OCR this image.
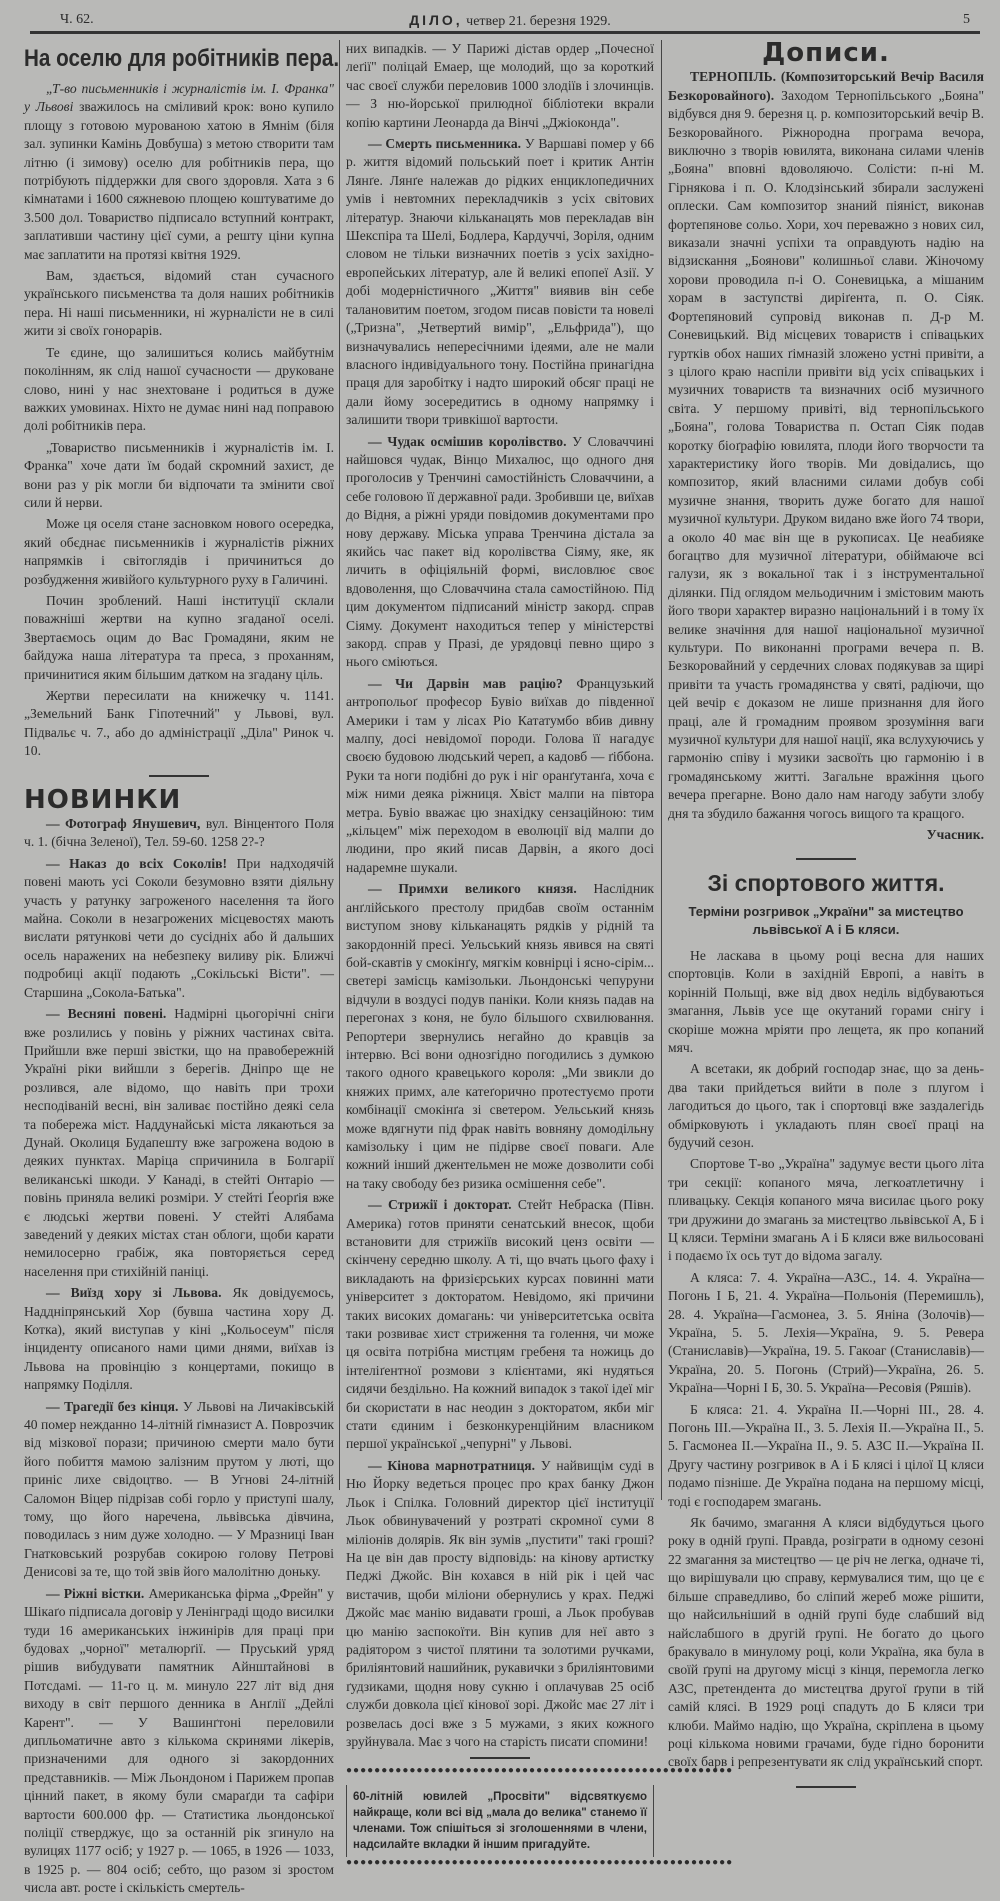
Ч. 62.	ДІЛО, четвер 21. березня 1929.	5
На оселю для робітників пера.

„Т-во письменників і журналістів ім. І. Франка" у Львові зважилось на сміливий крок: воно купило площу з готовою мурованою хатою в Ямнім (біля зал. зупинки Камінь Довбуша) з метою створити там літню (і зимову) оселю для робітників пера, що потрібують піддержки для свого здоровля. Хата з 6 кімнатами і 1600 сяжневою площею коштуватиме до 3.500 дол. Товариство підписало вступний контракт, заплативши частину цієї суми, а решту ціни купна має заплатити на протязі квітня 1929.

Вам, здається, відомий стан сучасного українського письменства та доля наших робітників пера. Ні наші письменники, ні журналісти не в силі жити зі своїх гонорарів.

Те єдине, що залишиться колись майбутнім поколінням, як слід нашої сучасности — друковане слово, нині у нас знехтоване і родиться в дуже важких умовинах. Ніхто не думає нині над поправою долі робітників пера.

„Товариство письменників і журналістів ім. І. Франка" хоче дати їм бодай скромний захист, де вони раз у рік могли би відпочати та змінити свої сили й нерви.

Може ця оселя стане засновком нового осередка, який обєднає письменників і журналістів ріжних напрямків і світоглядів і причиниться до розбудження живійого культурного руху в Галичині.

Почин зроблений. Наші інституції склали поважніші жертви на купно згаданої оселі. Звертаємось оцим до Вас Громадяни, яким не байдужа наша література та преса, з проханням, причинитися яким більшим датком на згадану ціль.

Жертви пересилати на книжечку ч. 1141. „Земельний Банк Гіпотечний" у Львові, вул. Підвальє ч. 7., або до адміністрації „Діла" Ринок ч. 10.

НОВИНКИ

— Фотограф Янушевич, вул. Вінцентого Поля ч. 1. (бічна Зеленої), Тел. 59-60. 1258 2?-?

— Наказ до всіх Соколів! При надходячій повені мають усі Соколи безумовно взяти діяльну участь у ратунку загроженого населення та його майна. Соколи в незагрожених місцевостях мають вислати рятункові чети до сусідніх або й дальших осель наражених на небезпеку виливу рік. Ближчі подробиці акції подають „Сокільські Вісти". — Старшина „Сокола-Батька".

— Весняні повені. Надмірні цьогорічні сніги вже розлились у повінь у ріжних частинах світа. Прийшли вже перші звістки, що на правобережній Україні ріки вийшли з берегів. Дніпро ще не розлився, але відомо, що навіть при трохи несподіваній весні, він заливає постійно деякі села та побережа міст. Наддунайські міста лякаються за Дунай. Околиця Будапешту вже загрожена водою в деяких пунктах. Маріца спричинила в Болгарії великанські шкоди. У Канаді, в стейті Онтаріо — повінь приняла великі розміри. У стейті Ґеорґія вже є людські жертви повені. У стейті Алябама заведений у деяких містах стан облоги, щоби карати немилосерно грабіж, яка повторяється серед населення при стихійній паніці.

— Виїзд хору зі Львова. Як довідуємось, Наддніпрянський Хор (бувша частина хору Д. Котка), який виступав у кіні „Кольосеум" після інциденту описаного нами цими днями, виїхав із Львова на провінцію з концертами, покищо в напрямку Поділля.

— Трагедії без кінця. У Львові на Личаківській 40 помер нежданно 14-літній ґімназист А. Поврозчик від мізкової порази; причиною смерти мало бути його побиття мамою залізним прутом у люті, що приніс лихе свідоцтво. — В Угнові 24-літній Саломон Віцер підрізав собі горло у приступі шалу, тому, що його наречена, львівська дівчина, поводилась з ним дуже холодно. — У Мразниці Іван Гнатковський розрубав сокирою голову Петрові Денисові за те, що той звів його малолітню доньку.

— Ріжні вістки. Американська фірма „Фрейн" у Шікаґо підписала договір у Ленінграді щодо висилки туди 16 американських інжинірів для праці при будовах „чорної" металюрґії. — Пруський уряд рішив вибудувати памятник Айнштайнові в Потсдамі. — 11-го ц. м. минуло 227 літ від дня виходу в світ першого денника в Анґлії „Дейлі Карент". — У Вашинґтоні переловили дипльоматичне авто з кількома скринями лікерів, призначеними для одного зі закордонних представників. — Між Льондоном і Парижем пропав цінний пакет, в якому були смараґди та сафіри вартости 600.000 фр. — Статистика льондонської поліції стверджує, що за останній рік згинуло на вулицях 1177 осіб; у 1927 р. — 1065, в 1926 — 1033, в 1925 р. — 804 осіб; себто, що разом зі зростом числа авт. росте і скількість смертель-

них випадків. — У Парижі дістав ордер „Почесної леґії" поліцай Емаер, ще молодий, що за короткий час своєї служби переловив 1000 злодіїв і злочинців. — З ню-йорської прилюдної бібліотеки вкрали копію картини Леонарда да Вінчі „Джіоконда".

— Смерть письменника. У Варшаві помер у 66 р. життя відомий польський поет і критик Антін Лянґе. Лянґе належав до рідких енциклопедичних умів і невтомних перекладчиків з усіх світових літератур. Знаючи кільканацять мов перекладав він Шекспіра та Шелі, Бодлера, Кардуччі, Зоріля, одним словом не тільки визначних поетів з усіх західно-европейських літератур, але й великі епопеї Азії. У добі модерністичного „Життя" виявив він себе талановитим поетом, згодом писав повісти та новелі („Тризна", „Четвертий вимір", „Ельфрида"), що визначувались непересічними ідеями, але не мали власного індивідуального тону. Постійна принагідна праця для заробітку і надто широкий обсяг праці не дали йому зосередитись в одному напрямку і залишити твори тривкішої вартости.

— Чудак осмішив королівство. У Словаччині найшовся чудак, Вінцо Михалюс, що одного дня проголосив у Тренчині самостійність Словаччини, а себе головою її державної ради. Зробивши це, виїхав до Відня, а ріжні уряди повідомив документами про нову державу. Міська управа Тренчина дістала за якийсь час пакет від королівства Сіяму, яке, як личить в офіціяльній формі, висловлює своє вдоволення, що Словаччина стала самостійною. Під цим документом підписаний міністр закорд. справ Сіяму. Документ находиться тепер у міністерстві закорд. справ у Празі, де урядовці певно щиро з нього сміються.

— Чи Дарвін мав рацію? Французький антропольоґ професор Бувіо виїхав до південної Америки і там у лісах Ріо Кататумбо вбив дивну малпу, досі невідомої породи. Голова її нагадує своєю будовою людський череп, а кадовб — ґіббона. Руки та ноги подібні до рук і ніг оранґутанґа, хоча є між ними деяка ріжниця. Хвіст малпи на півтора метра. Бувіо вважає цю знахідку сензаційною: тим „кільцем" між переходом в еволюції від малпи до людини, про який писав Дарвін, а якого досі надаремне шукали.

— Примхи великого князя. Наслідник анґлійського престолу придбав своїм останнім виступом знову кільканацять рядків у рідній та закордонній пресі. Уельський князь явився на святі бой-скавтів у смокінґу, мягкім ковнірці і ясно-сірім... светері замісць камізольки. Льондонські чепуруни відчули в воздусі подув паніки. Коли князь падав на перегонах з коня, не було більшого схвилювання. Репортери звернулись негайно до кравців за інтервю. Всі вони однозгідно погодились з думкою такого одного кравецького короля: „Ми звикли до княжих примх, але катеґорично протестуємо проти комбінації смокінґа зі светером. Уельський князь може вдягнути під фрак навіть вовняну домодільну камізольку і цим не підірве своєї поваги. Але кожний інший джентельмен не може дозволити собі на таку свободу без ризика осмішення себе".

— Стрижії і докторат. Стейт Небраска (Півн. Америка) готов приняти сенатський внесок, щоби встановити для стрижіїв високий ценз освіти — скінчену середню школу. А ті, що вчать цього фаху і викладають на фризієрських курсах повинні мати університет з докторатом. Невідомо, які причини таких високих домагань: чи університетська освіта таки розвиває хист стриження та голення, чи може ця освіта потрібна мистцям гребеня та ножиць до інтеліґентної розмови з клієнтами, які нудяться сидячи бездільно. На кожний випадок з такої ідеї міг би скористати в нас неодин з докторатом, якби міг стати єдиним і безконкуренційним власником першої української „чепурні" у Львові.

— Кінова марнотратниця. У найвищім суді в Ню Йорку ведеться процес про крах банку Джон Льок і Спілка. Головний директор цієї інституції Льок обвинувачений у розтраті скромної суми 8 міліонів долярів. Як він зумів „пустити" такі гроші? На це він дав просту відповідь: на кінову артистку Педжі Джойс. Він кохався в ній рік і цей час вистачив, щоби міліони обернулись у крах. Педжі Джойс має манію видавати гроші, а Льок пробував цю манію заспокоїти. Він купив для неї авто з радіятором з чистої плятини та золотими ручками, бриліянтовий нашийник, рукавички з бриліянтовими ґудзиками, щодня нову сукню і оплачував 25 осіб служби довкола цієї кінової зорі. Джойс має 27 літ і розвелась досі вже з 5 мужами, з яких кожного зруйнувала. Має з чого на старість писати спомини!

●●●●●●●●●●●●●●●●●●●●●●●●●●●●●●●●●●●●●●●●●●●●●●●●●●●●●●●
60-літній ювилей „Просвіти" відсвяткуємо найкраще, коли всі від „мала до велика" станемо її членами. Тож спішіться зі зголошеннями в члени, надсилайте вкладки й іншим пригадуйте.
●●●●●●●●●●●●●●●●●●●●●●●●●●●●●●●●●●●●●●●●●●●●●●●●●●●●●●●
Дописи.

ТЕРНОПІЛЬ. (Композиторський Вечір Василя Безкоровайного). Заходом Тернопільського „Бояна" відбувся дня 9. березня ц. р. композиторський вечір В. Безкоровайного. Ріжнородна програма вечора, виключно з творів ювилята, виконана силами членів „Бояна" вповні вдоволяючо. Солісти: п-ні М. Гірнякова і п. О. Клодзінський збирали заслужені оплески. Сам композитор знаний піяніст, виконав фортепянове сольо. Хори, хоч переважно з нових сил, виказали значні успіхи та оправдують надію на відзискання „Боянови" колишньої слави. Жіночому хорови проводила п-і О. Соневицька, а мішаним хорам в заступстві диріґента, п. О. Сіяк. Фортепяновий супровід виконав п. Д-р М. Соневицький. Від місцевих товариств і співацьких гуртків обох наших ґімназій зложено устні привіти, а з цілого краю наспіли привіти від усіх співацьких і музичних товариств та визначних осіб музичного світа. У першому привіті, від тернопільського „Бояна", голова Товариства п. Остап Сіяк подав коротку біоґрафію ювилята, плоди його творчости та характеристику його творів. Ми довідались, що композитор, який власними силами добув собі музичне знання, творить дуже богато для нашої музичної культури. Друком видано вже його 74 твори, а около 40 має він ще в рукописах. Це неабияке богацтво для музичної літератури, обіймаюче всі галузи, як з вокальної так і з інструментальної ділянки. Під оглядом мельодичним і змістовим мають його твори характер виразно національний і в тому їх велике значіння для нашої національної музичної культури. По виконанні програми вечера п. В. Безкоровайний у сердечних словах подякував за щирі привіти та участь громадянства у святі, радіючи, що цей вечір є доказом не лише признання для його праці, але й громадним проявом зрозуміння ваги музичної культури для нашої нації, яка вслухуючись у гармонію співу і музики засвоїть цю гармонію і в громадянському житті. Загальне вражіння цього вечера прегарне. Воно дало нам нагоду забути злобу дня та збудило бажання чогось вищого та кращого.

Учасник.
Зі спортового життя.
Терміни розгривок „України" за мистецтво львівської А і Б кляси.

Не ласкава в цьому році весна для наших спортовців. Коли в західній Европі, а навіть в корінній Польщі, вже від двох неділь відбуваються змагання, Львів усе ще окутаний горами снігу і скоріше можна мріяти про лещета, як про копаний мяч.

А всетаки, як добрий господар знає, що за день-два таки прийдеться вийти в поле з плугом і лагодиться до цього, так і спортовці вже заздалегідь обмірковують і укладають плян своєї праці на будучий сезон.

Спортове Т-во „Україна" задумує вести цього літа три секції: копаного мяча, легкоатлетичну і пливацьку. Секція копаного мяча висилає цього року три дружини до змагань за мистецтво львівської А, Б і Ц кляси. Терміни змагань А і Б кляси вже вильосовані і подаємо їх ось тут до відома загалу.

А кляса: 7. 4. Україна—АЗС., 14. 4. Україна—Погонь І Б, 21. 4. Україна—Польонія (Перемишль), 28. 4. Україна—Гасмонеа, 3. 5. Яніна (Золочів)—Україна, 5. 5. Лехія—Україна, 9. 5. Ревера (Станиславів)—Україна, 19. 5. Гакоаг (Станиславів)—Україна, 20. 5. Погонь (Стрий)—Україна, 26. 5. Україна—Чорні І Б, 30. 5. Україна—Ресовія (Ряшів).

Б кляса: 21. 4. Україна II.—Чорні III., 28. 4. Погонь III.—Україна II., 3. 5. Лехія II.—Україна II., 5. 5. Гасмонеа II.—Україна II., 9. 5. АЗС II.—Україна II. Другу частину розгривок в А і Б клясі і цілої Ц кляси подамо пізніше. Де Україна подана на першому місці, тоді є господарем змагань.

Як бачимо, змагання А кляси відбудуться цього року в одній ґрупі. Правда, розіграти в одному сезоні 22 змагання за мистецтво — це річ не легка, одначе ті, що вирішували цю справу, кермувалися тим, що це є більше справедливо, бо сліпий жереб може рішити, що найсильніший в одній ґрупі буде слабший від найслабшого в другій ґрупі. Не богато до цього бракувало в минулому році, коли Україна, яка була в своїй ґрупі на другому місці з кінця, перемогла легко АЗС, претендента до мистецтва другої ґрупи в тій самій клясі. В 1929 році спадуть до Б кляси три клюби. Маймо надію, що Україна, скріплена в цьому році кількома новими грачами, буде гідно боронити своїх барв і репрезентувати як слід український спорт.
